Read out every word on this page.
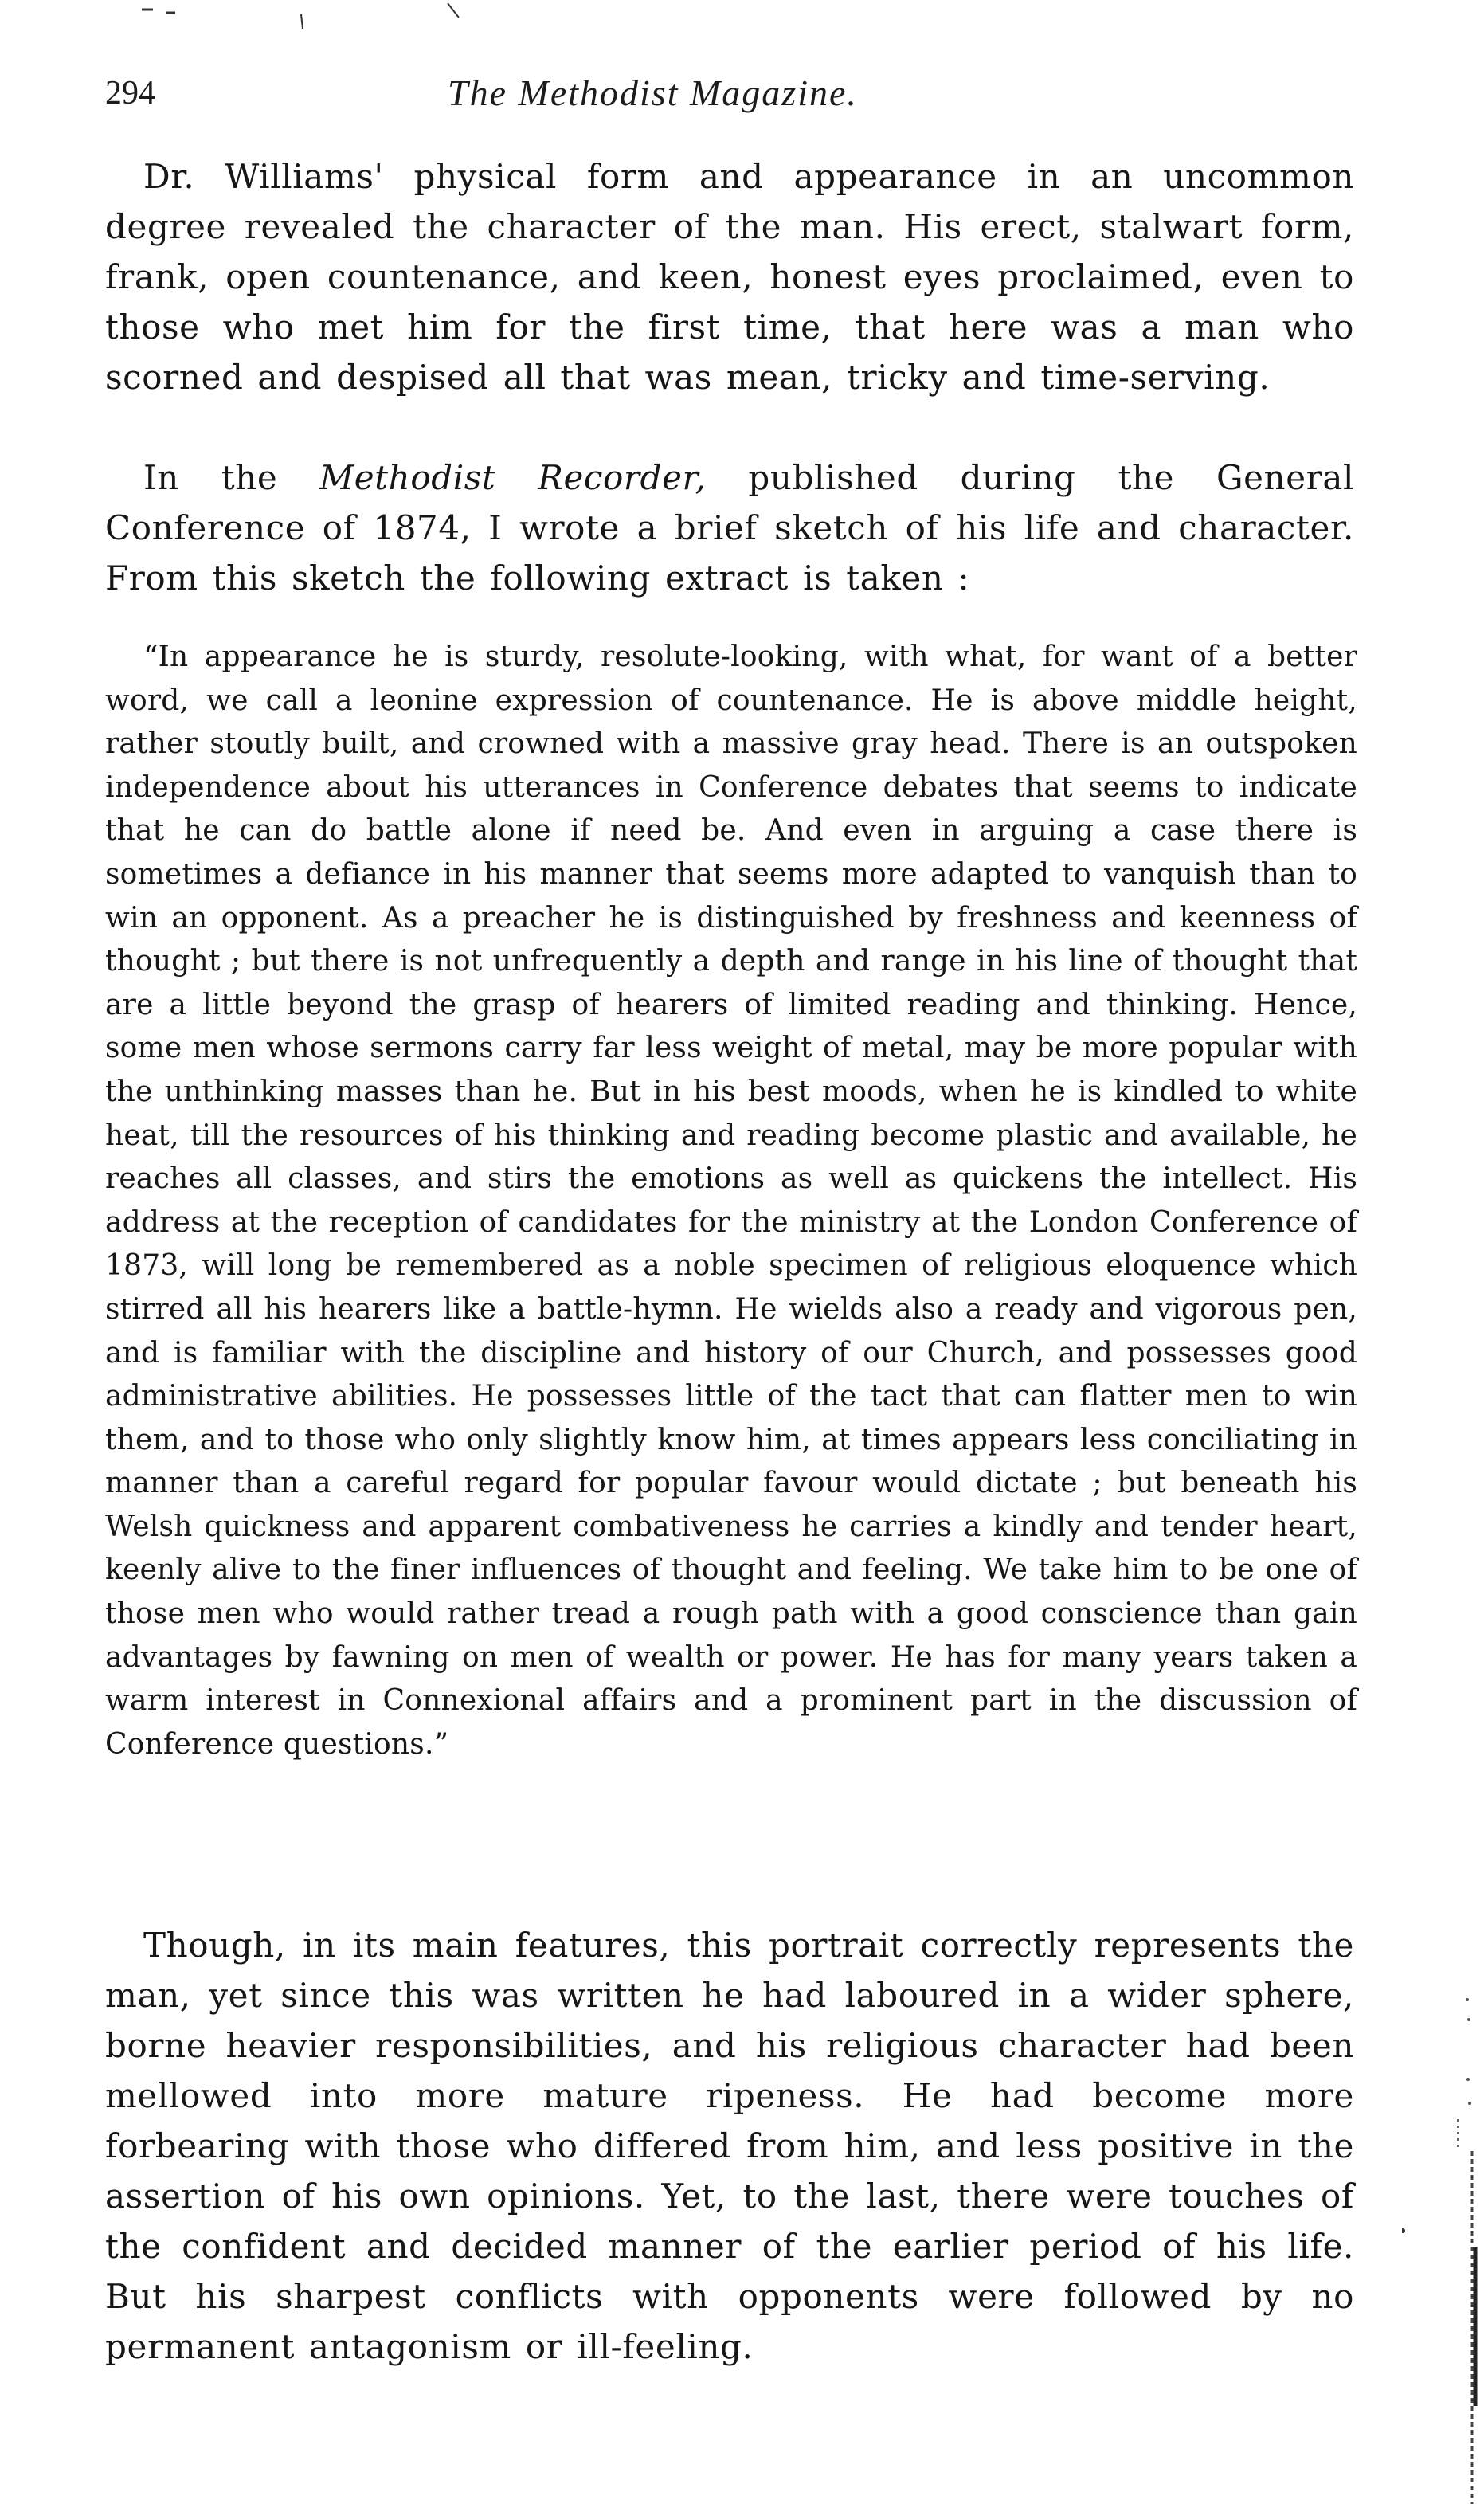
294	The Methodist Magazine.

Dr. Williams' physical form and appearance in an uncommon degree revealed the character of the man. His erect, stalwart form, frank, open countenance, and keen, honest eyes proclaimed, even to those who met him for the first time, that here was a man who scorned and despised all that was mean, tricky and time-serving.

In the Methodist Recorder, published during the General Conference of 1874, I wrote a brief sketch of his life and character. From this sketch the following extract is taken :

“In appearance he is sturdy, resolute-looking, with what, for want of a better word, we call a leonine expression of countenance. He is above middle height, rather stoutly built, and crowned with a massive gray head. There is an outspoken independence about his utterances in Conference debates that seems to indicate that he can do battle alone if need be. And even in arguing a case there is sometimes a defiance in his manner that seems more adapted to vanquish than to win an opponent. As a preacher he is distinguished by freshness and keenness of thought ; but there is not unfrequently a depth and range in his line of thought that are a little beyond the grasp of hearers of limited reading and thinking. Hence, some men whose sermons carry far less weight of metal, may be more popular with the unthinking masses than he. But in his best moods, when he is kindled to white heat, till the resources of his thinking and reading become plastic and available, he reaches all classes, and stirs the emotions as well as quickens the intellect. His address at the reception of candidates for the ministry at the London Conference of 1873, will long be remembered as a noble specimen of religious eloquence which stirred all his hearers like a battle-hymn. He wields also a ready and vigorous pen, and is familiar with the discipline and history of our Church, and possesses good administrative abilities. He possesses little of the tact that can flatter men to win them, and to those who only slightly know him, at times appears less conciliating in manner than a careful regard for popular favour would dictate ; but beneath his Welsh quickness and apparent combativeness he carries a kindly and tender heart, keenly alive to the finer influences of thought and feeling. We take him to be one of those men who would rather tread a rough path with a good conscience than gain advantages by fawning on men of wealth or power. He has for many years taken a warm interest in Connexional affairs and a prominent part in the discussion of Conference questions.”

Though, in its main features, this portrait correctly represents the man, yet since this was written he had laboured in a wider sphere, borne heavier responsibilities, and his religious character had been mellowed into more mature ripeness. He had become more forbearing with those who differed from him, and less positive in the assertion of his own opinions. Yet, to the last, there were touches of the confident and decided manner of the earlier period of his life. But his sharpest conflicts with opponents were followed by no permanent antagonism or ill-feeling.
